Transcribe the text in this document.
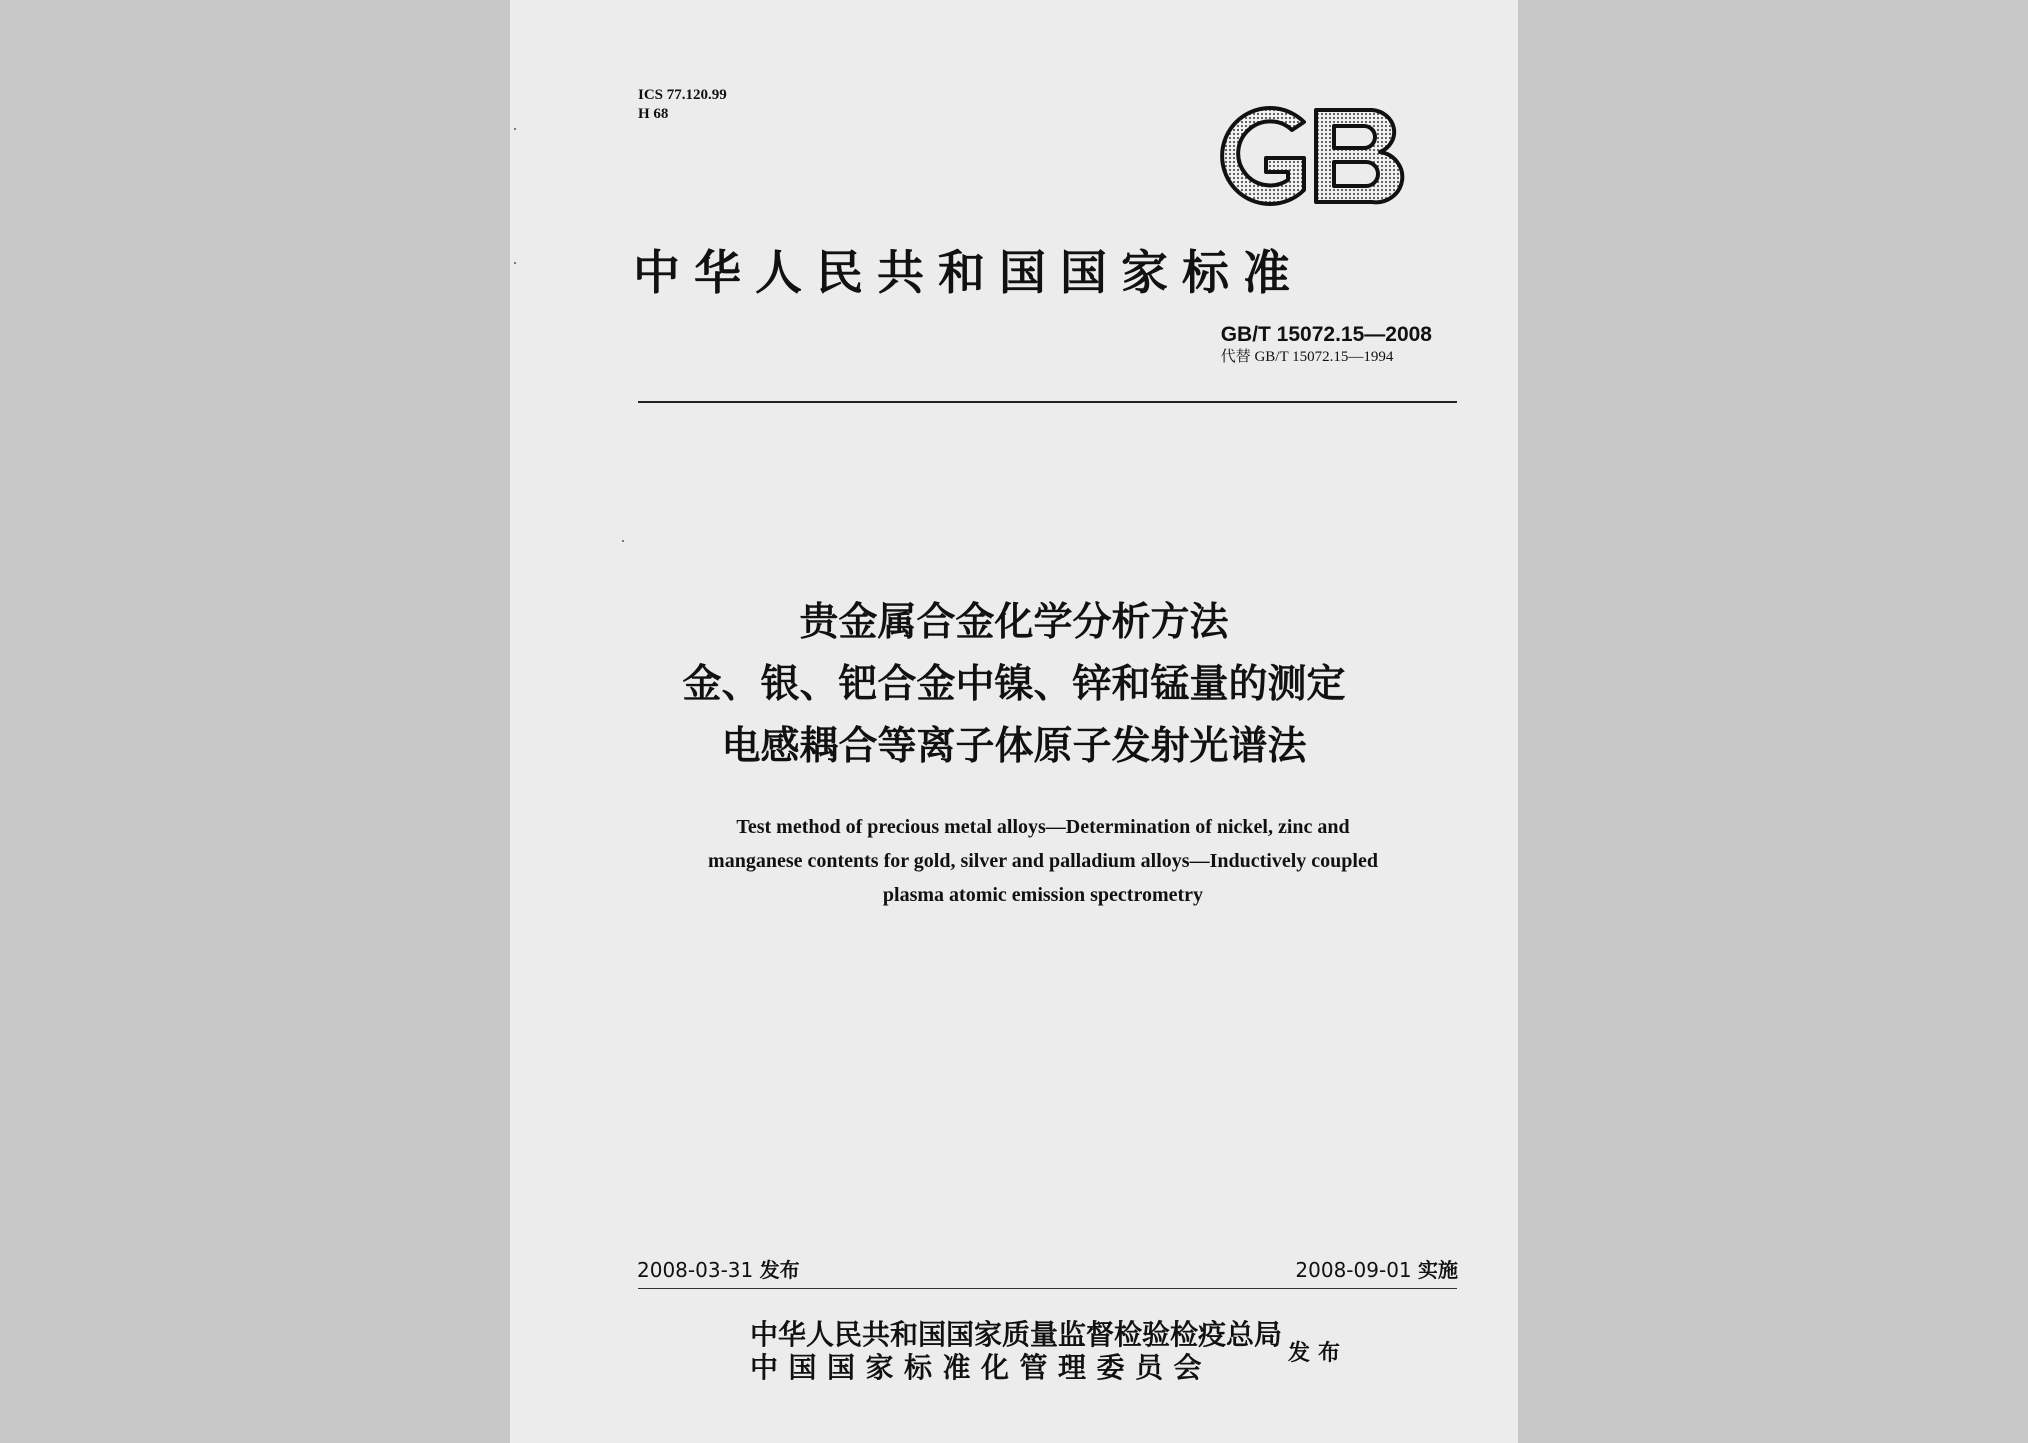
ICS 77.120.99
H 68
中华人民共和国国家标准
GB/T 15072.15—2008
代替 GB/T 15072.15—1994
贵金属合金化学分析方法
金、银、钯合金中镍、锌和锰量的测定
电感耦合等离子体原子发射光谱法
Test method of precious metal alloys—Determination of nickel, zinc and
manganese contents for gold, silver and palladium alloys—Inductively coupled
plasma atomic emission spectrometry
2008-03-31 发布	2008-09-01 实施
中华人民共和国国家质量监督检验检疫总局
中国国家标准化管理委员会	发布
